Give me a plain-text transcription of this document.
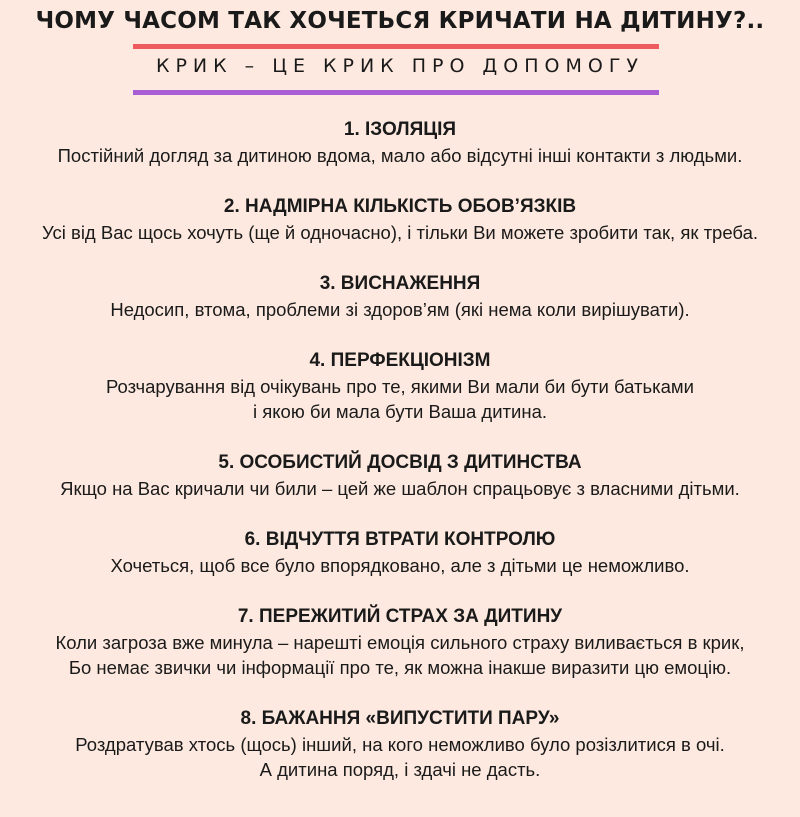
ЧОМУ ЧАСОМ ТАК ХОЧЕТЬСЯ КРИЧАТИ НА ДИТИНУ?..
КРИК – ЦЕ КРИК ПРО ДОПОМОГУ
1. ІЗОЛЯЦІЯ
Постійний догляд за дитиною вдома, мало або відсутні інші контакти з людьми.
2. НАДМІРНА КІЛЬКІСТЬ ОБОВ’ЯЗКІВ
Усі від Вас щось хочуть (ще й одночасно), і тільки Ви можете зробити так, як треба.
3. ВИСНАЖЕННЯ
Недосип, втома, проблеми зі здоров’ям (які нема коли вирішувати).
4. ПЕРФЕКЦІОНІЗМ
Розчарування від очікувань про те, якими Ви мали би бути батьками
і якою би мала бути Ваша дитина.
5. ОСОБИСТИЙ ДОСВІД З ДИТИНСТВА
Якщо на Вас кричали чи били – цей же шаблон спрацьовує з власними дітьми.
6. ВІДЧУТТЯ ВТРАТИ КОНТРОЛЮ
Хочеться, щоб все було впорядковано, але з дітьми це неможливо.
7. ПЕРЕЖИТИЙ СТРАХ ЗА ДИТИНУ
Коли загроза вже минула – нарешті емоція сильного страху виливається в крик,
Бо немає звички чи інформації про те, як можна інакше виразити цю емоцію.
8. БАЖАННЯ «ВИПУСТИТИ ПАРУ»
Роздратував хтось (щось) інший, на кого неможливо було розізлитися в очі.
А дитина поряд, і здачі не дасть.
